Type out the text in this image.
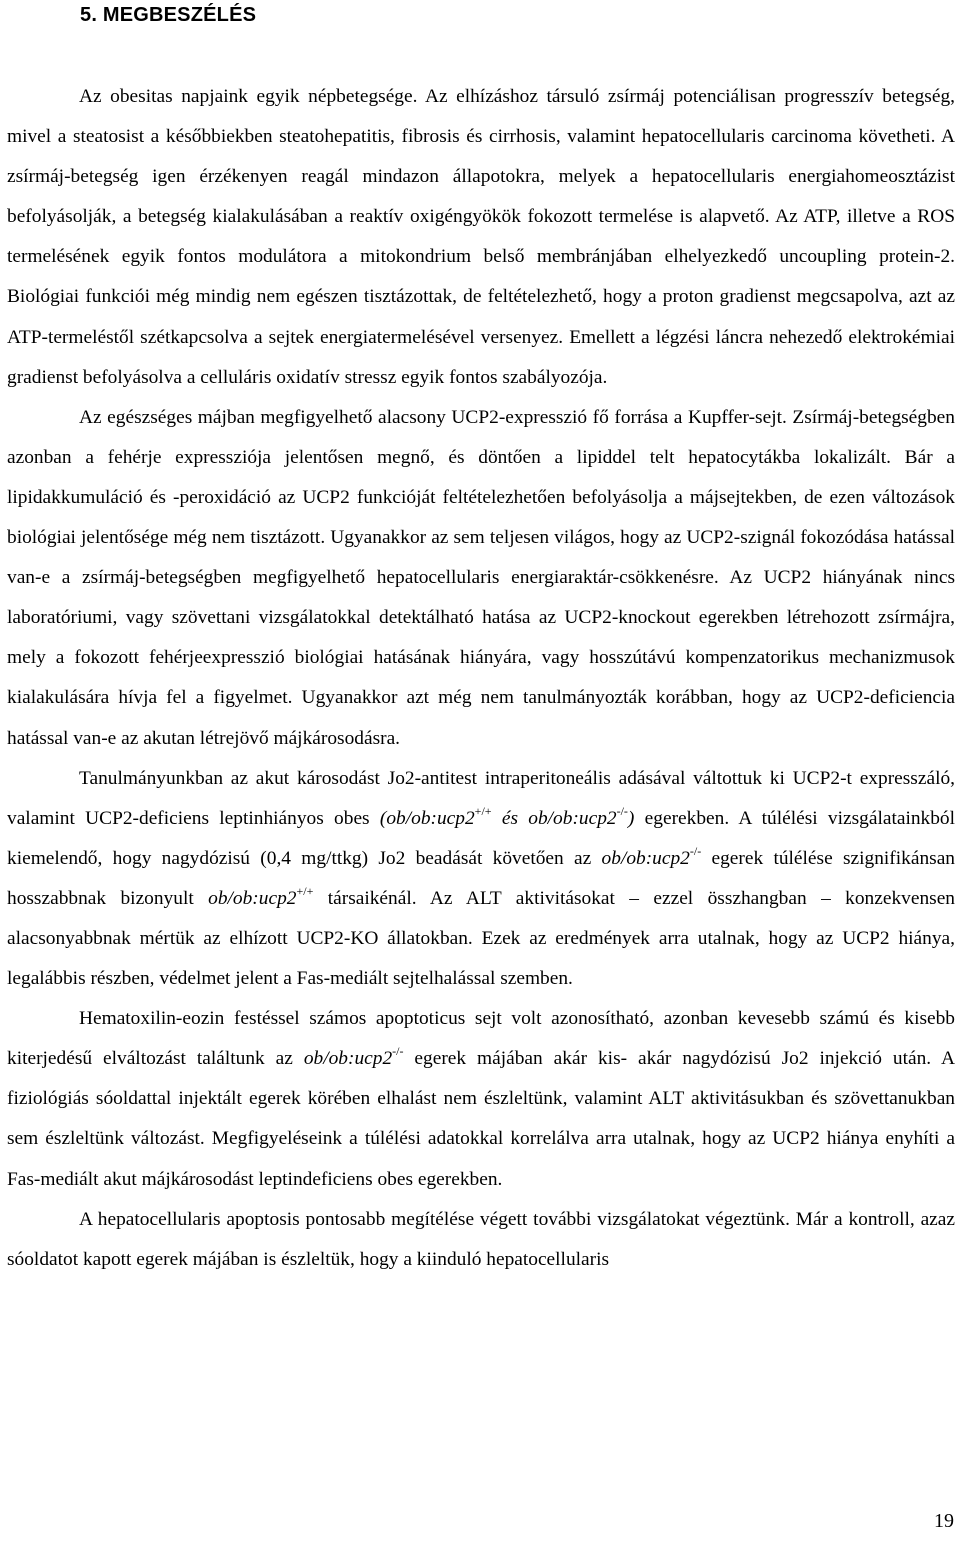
5. MEGBESZÉLÉS

Az obesitas napjaink egyik népbetegsége. Az elhízáshoz társuló zsírmáj potenciálisan progresszív betegség, mivel a steatosist a későbbiekben steatohepatitis, fibrosis és cirrhosis, valamint hepatocellularis carcinoma követheti. A zsírmáj-betegség igen érzékenyen reagál mindazon állapotokra, melyek a hepatocellularis energiahomeosztázist befolyásolják, a betegség kialakulásában a reaktív oxigéngyökök fokozott termelése is alapvető. Az ATP, illetve a ROS termelésének egyik fontos modulátora a mitokondrium belső membránjában elhelyezkedő uncoupling protein-2. Biológiai funkciói még mindig nem egészen tisztázottak, de feltételezhető, hogy a proton gradienst megcsapolva, azt az ATP-termeléstől szétkapcsolva a sejtek energiatermelésével versenyez. Emellett a légzési láncra nehezedő elektrokémiai gradienst befolyásolva a celluláris oxidatív stressz egyik fontos szabályozója.

Az egészséges májban megfigyelhető alacsony UCP2-expresszió fő forrása a Kupffer-sejt. Zsírmáj-betegségben azonban a fehérje expressziója jelentősen megnő, és döntően a lipiddel telt hepatocytákba lokalizált. Bár a lipidakkumuláció és -peroxidáció az UCP2 funkcióját feltételezhetően befolyásolja a májsejtekben, de ezen változások biológiai jelentősége még nem tisztázott. Ugyanakkor az sem teljesen világos, hogy az UCP2-szignál fokozódása hatással van-e a zsírmáj-betegségben megfigyelhető hepatocellularis energiaraktár-csökkenésre. Az UCP2 hiányának nincs laboratóriumi, vagy szövettani vizsgálatokkal detektálható hatása az UCP2-knockout egerekben létrehozott zsírmájra, mely a fokozott fehérjeexpresszió biológiai hatásának hiányára, vagy hosszútávú kompenzatorikus mechanizmusok kialakulására hívja fel a figyelmet. Ugyanakkor azt még nem tanulmányozták korábban, hogy az UCP2-deficiencia hatással van-e az akutan létrejövő májkárosodásra.

Tanulmányunkban az akut károsodást Jo2-antitest intraperitoneális adásával váltottuk ki UCP2-t expresszáló, valamint UCP2-deficiens leptinhiányos obes (ob/ob:ucp2+/+ és ob/ob:ucp2-/-) egerekben. A túlélési vizsgálatainkból kiemelendő, hogy nagydózisú (0,4 mg/ttkg) Jo2 beadását követően az ob/ob:ucp2-/- egerek túlélése szignifikánsan hosszabbnak bizonyult ob/ob:ucp2+/+ társaikénál. Az ALT aktivitásokat – ezzel összhangban – konzekvensen alacsonyabbnak mértük az elhízott UCP2-KO állatokban. Ezek az eredmények arra utalnak, hogy az UCP2 hiánya, legalábbis részben, védelmet jelent a Fas-mediált sejtelhalással szemben.

Hematoxilin-eozin festéssel számos apoptoticus sejt volt azonosítható, azonban kevesebb számú és kisebb kiterjedésű elváltozást találtunk az ob/ob:ucp2-/- egerek májában akár kis- akár nagydózisú Jo2 injekció után. A fiziológiás sóoldattal injektált egerek körében elhalást nem észleltünk, valamint ALT aktivitásukban és szövettanukban sem észleltünk változást. Megfigyeléseink a túlélési adatokkal korrelálva arra utalnak, hogy az UCP2 hiánya enyhíti a Fas-mediált akut májkárosodást leptindeficiens obes egerekben.

A hepatocellularis apoptosis pontosabb megítélése végett további vizsgálatokat végeztünk. Már a kontroll, azaz sóoldatot kapott egerek májában is észleltük, hogy a kiinduló hepatocellularis

19
